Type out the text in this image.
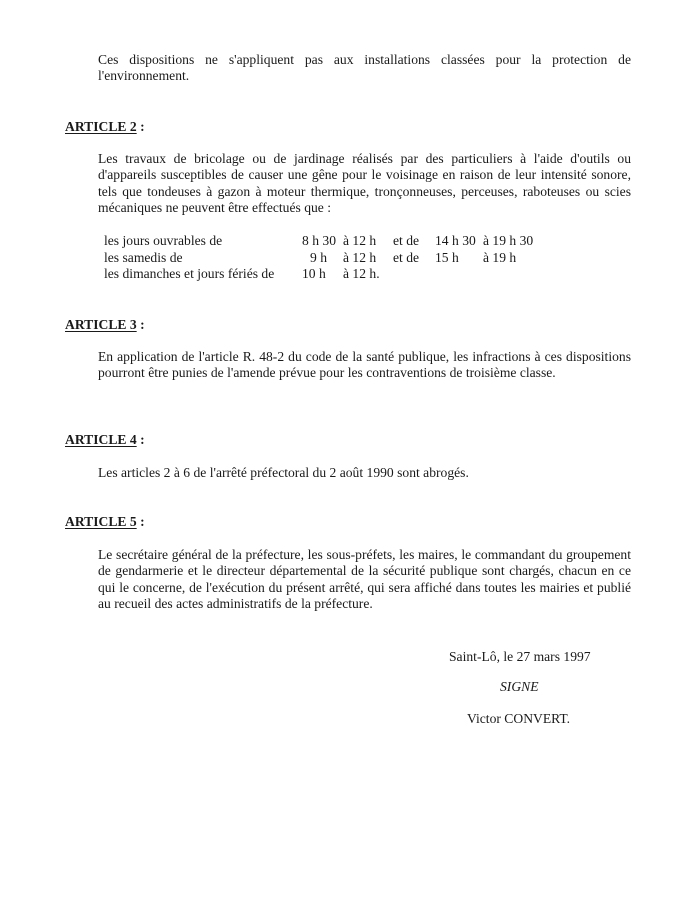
Ces dispositions ne s'appliquent pas aux installations classées pour la protection de l'environnement.

ARTICLE 2 :

Les travaux de bricolage ou de jardinage réalisés par des particuliers à l'aide d'outils ou d'appareils susceptibles de causer une gêne pour le voisinage en raison de leur intensité sonore, tels que tondeuses à gazon à moteur thermique, tronçonneuses, perceuses, raboteuses ou scies mécaniques ne peuvent être effectués que :

les jours ouvrables de	8 h 30 à 12 h et de 14 h 30 à 19 h 30
les samedis de	9 h à 12 h et de 15 h à 19 h
les dimanches et jours fériés de 10 h à 12 h.
ARTICLE 3 :

En application de l'article R. 48-2 du code de la santé publique, les infractions à ces dispositions pourront être punies de l'amende prévue pour les contraventions de troisième classe.

ARTICLE 4 :

Les articles 2 à 6 de l'arrêté préfectoral du 2 août 1990 sont abrogés.

ARTICLE 5 :

Le secrétaire général de la préfecture, les sous-préfets, les maires, le commandant du groupement de gendarmerie et le directeur départemental de la sécurité publique sont chargés, chacun en ce qui le concerne, de l'exécution du présent arrêté, qui sera affiché dans toutes les mairies et publié au recueil des actes administratifs de la préfecture.

Saint-Lô, le 27 mars 1997
SIGNE
Victor CONVERT.
